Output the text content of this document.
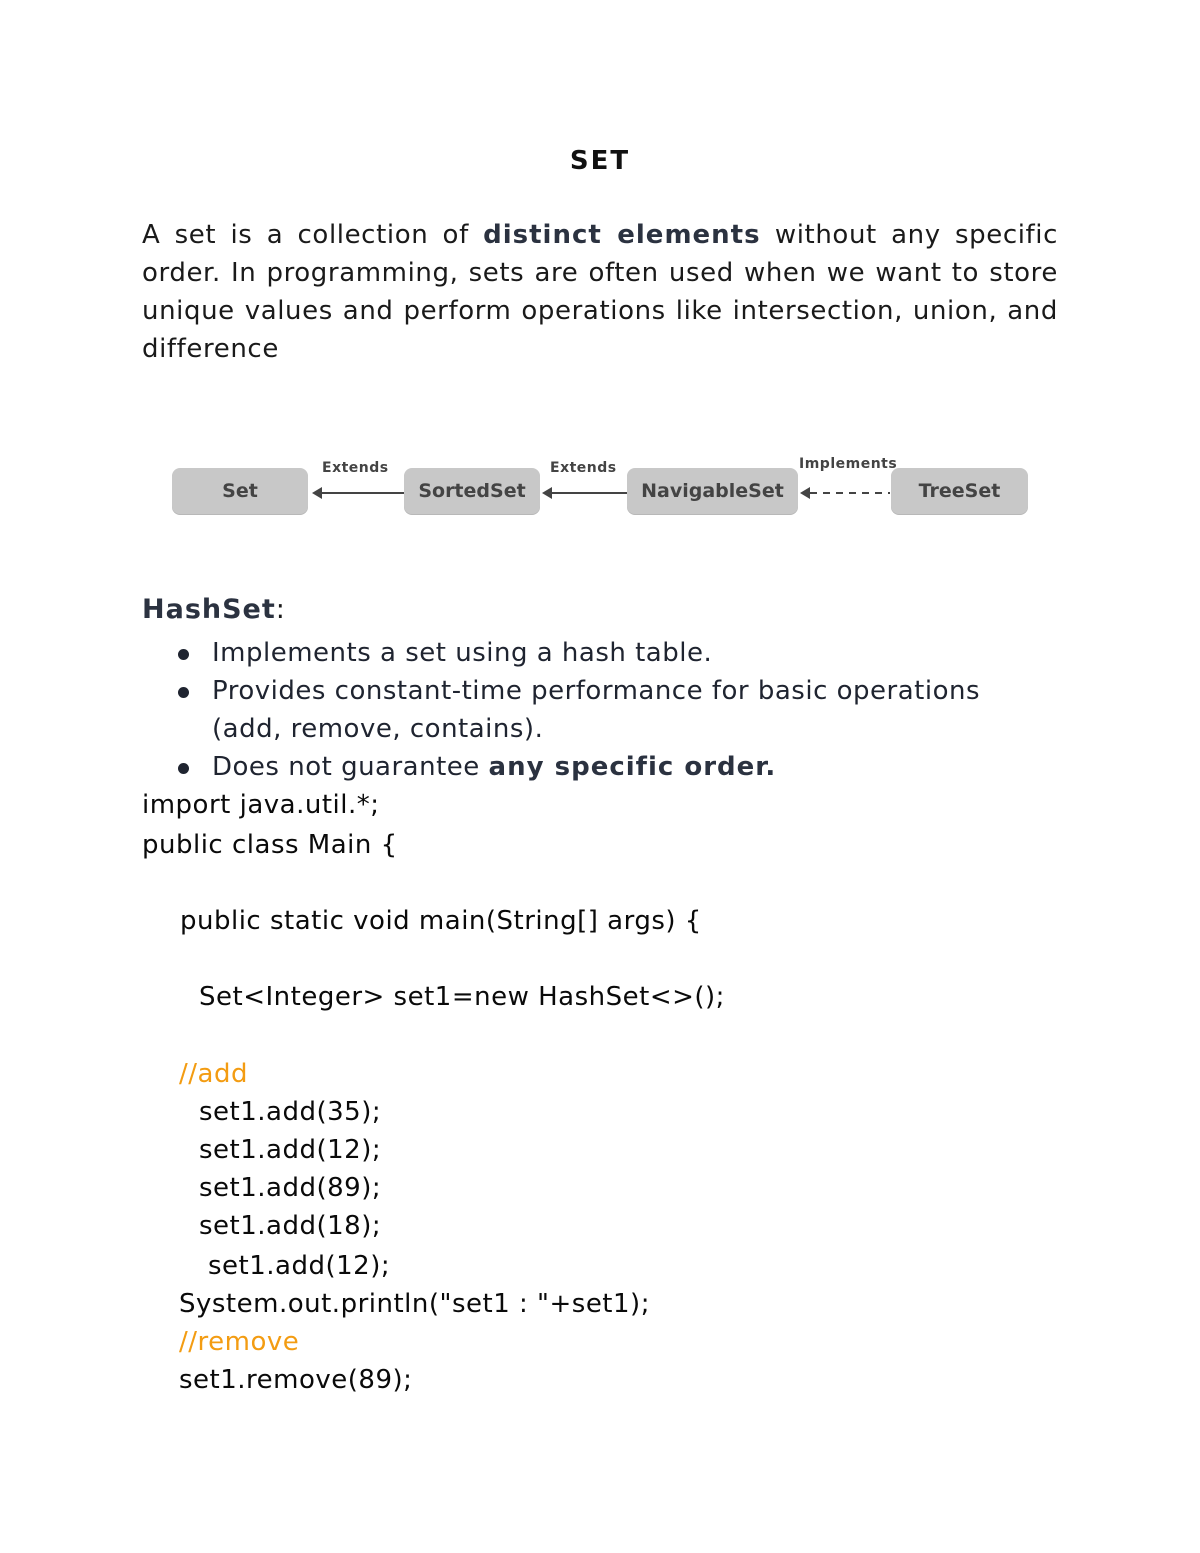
SET

A set is a collection of distinct elements without any specific order. In programming, sets are often used when we want to store unique values and perform operations like intersection, union, and difference

Set	SortedSet	NavigableSet	TreeSet
Extends	Extends	Implements
HashSet:
Implements a set using a hash table.
Provides constant-time performance for basic operations (add, remove, contains).
Does not guarantee any specific order.
import java.util.*;
public class Main {
public static void main(String[] args) {
Set<Integer> set1=new HashSet<>();
//add
set1.add(35);
set1.add(12);
set1.add(89);
set1.add(18);
set1.add(12);
System.out.println("set1 : "+set1);
//remove
set1.remove(89);
